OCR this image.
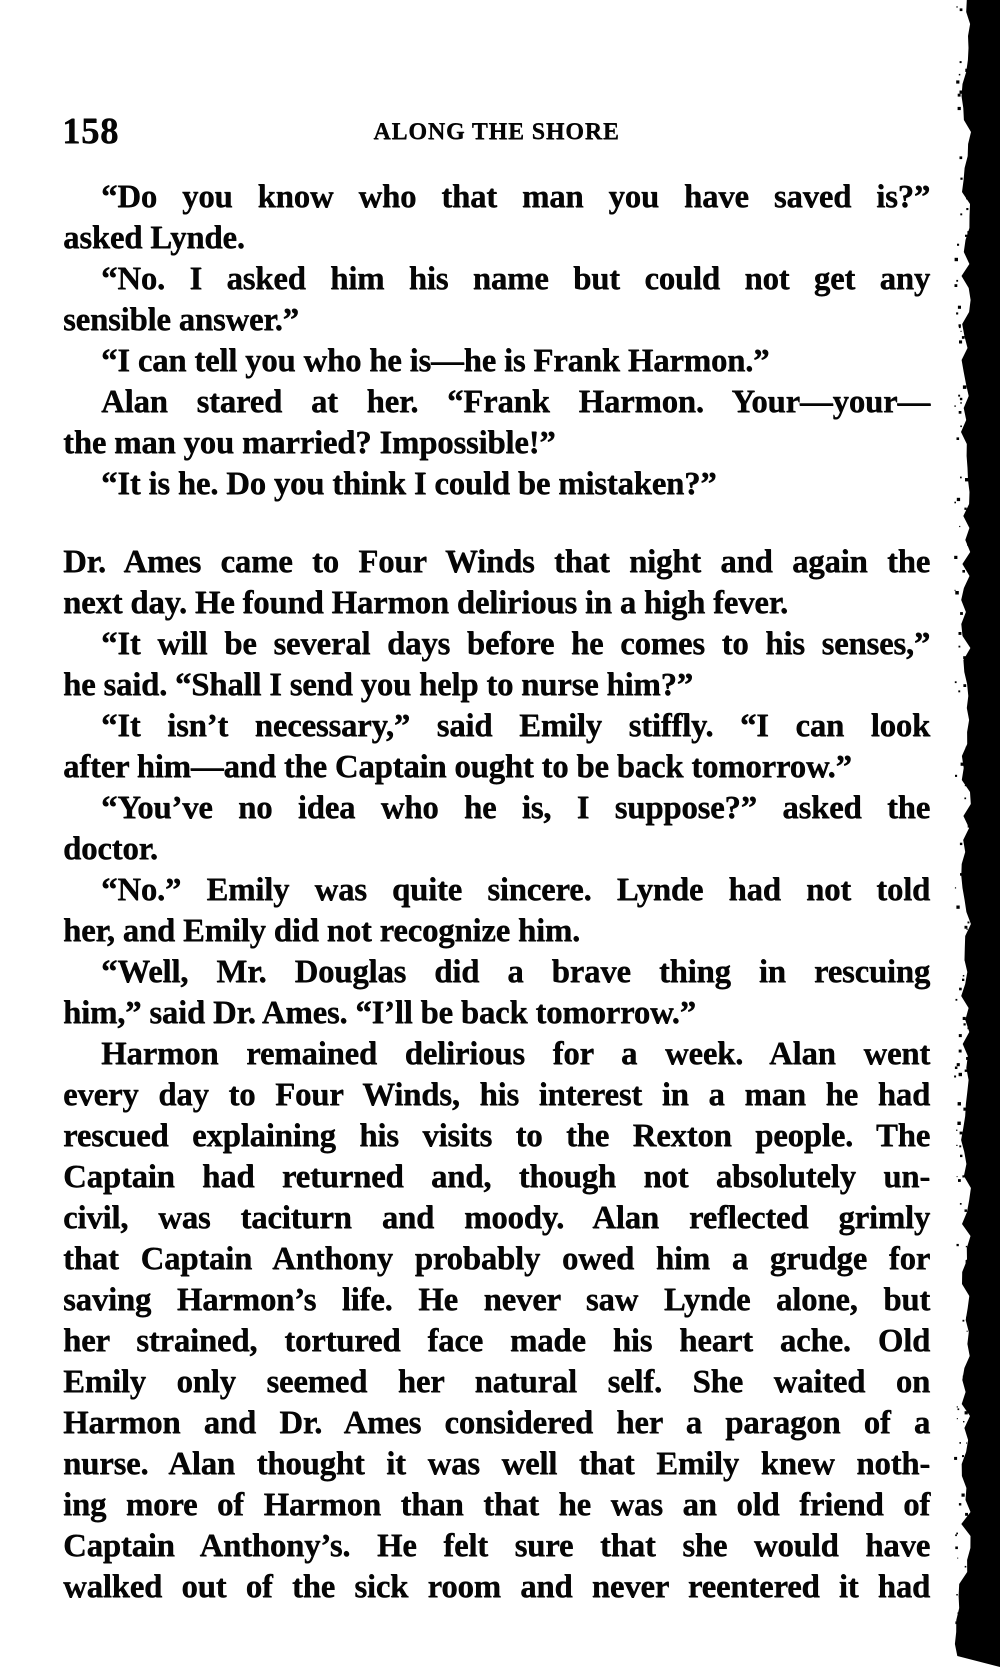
158	ALONG THE SHORE
“Do you know who that man you have saved is?”
asked Lynde.
“No. I asked him his name but could not get any
sensible answer.”
“I can tell you who he is—he is Frank Harmon.”
Alan stared at her. “Frank Harmon. Your—your—
the man you married? Impossible!”
“It is he. Do you think I could be mistaken?”
Dr. Ames came to Four Winds that night and again the
next day. He found Harmon delirious in a high fever.
“It will be several days before he comes to his senses,”
he said. “Shall I send you help to nurse him?”
“It isn’t necessary,” said Emily stiffly. “I can look
after him—and the Captain ought to be back tomorrow.”
“You’ve no idea who he is, I suppose?” asked the
doctor.
“No.” Emily was quite sincere. Lynde had not told
her, and Emily did not recognize him.
“Well, Mr. Douglas did a brave thing in rescuing
him,” said Dr. Ames. “I’ll be back tomorrow.”
Harmon remained delirious for a week. Alan went
every day to Four Winds, his interest in a man he had
rescued explaining his visits to the Rexton people. The
Captain had returned and, though not absolutely un-
civil, was taciturn and moody. Alan reflected grimly
that Captain Anthony probably owed him a grudge for
saving Harmon’s life. He never saw Lynde alone, but
her strained, tortured face made his heart ache. Old
Emily only seemed her natural self. She waited on
Harmon and Dr. Ames considered her a paragon of a
nurse. Alan thought it was well that Emily knew noth-
ing more of Harmon than that he was an old friend of
Captain Anthony’s. He felt sure that she would have
walked out of the sick room and never reentered it had
